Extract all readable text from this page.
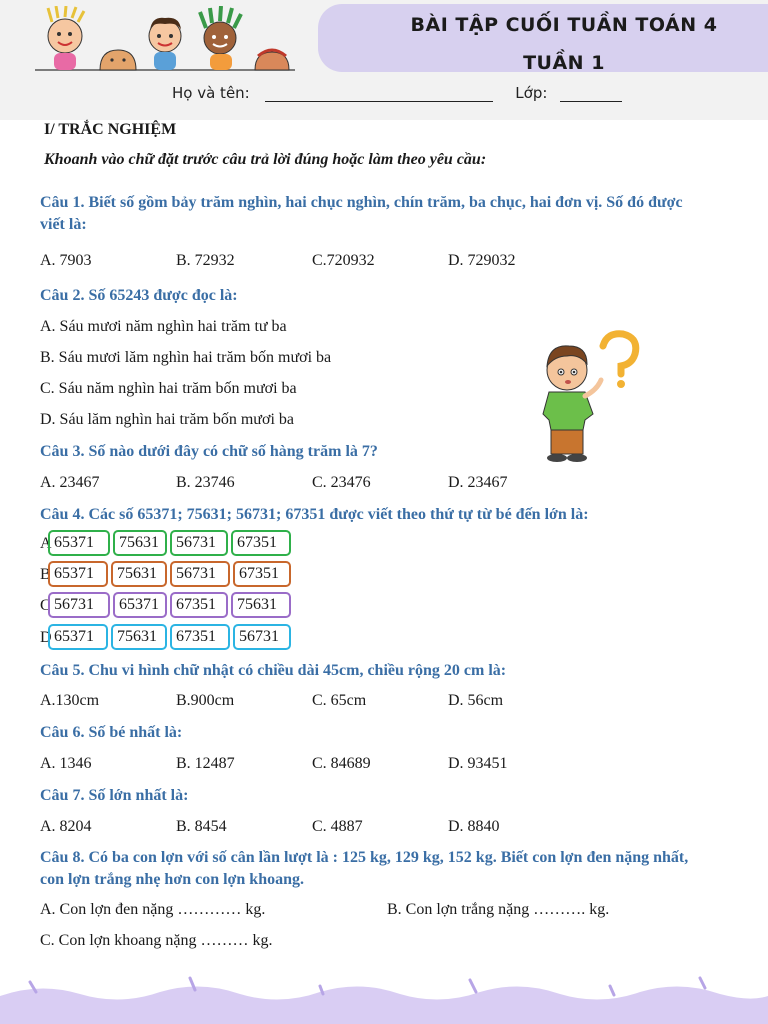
BÀI TẬP CUỐI TUẦN TOÁN 4
TUẦN 1
Họ và tên:	Lớp:
I/ TRẮC NGHIỆM
Khoanh vào chữ đặt trước câu trả lời đúng hoặc làm theo yêu cầu:
Câu 1. Biết số gồm bảy trăm nghìn, hai chục nghìn, chín trăm, ba chục, hai đơn vị. Số đó được
viết là:
A. 7903	B. 72932	C.720932	D. 729032
Câu 2. Số 65243 được đọc là:
A. Sáu mươi năm nghìn hai trăm tư ba
B. Sáu mươi lăm nghìn hai trăm bốn mươi ba
C. Sáu năm nghìn hai trăm bốn mươi ba
D. Sáu lăm nghìn hai trăm bốn mươi ba
Câu 3. Số nào dưới đây có chữ số hàng trăm là 7?
A. 23467	B. 23746	C. 23476	D. 23467
Câu 4. Các số 65371; 75631; 56731; 67351 được viết theo thứ tự từ bé đến lớn là:
A 65371	75631	56731	67351
B 65371	75631	56731	67351
C 56731	65371	67351	75631
D 65371	75631	67351	56731
Câu 5. Chu vi hình chữ nhật có chiều dài 45cm, chiều rộng 20 cm là:
A.130cm	B.900cm	C. 65cm	D. 56cm
Câu 6. Số bé nhất là:
A. 1346	B. 12487	C. 84689	D. 93451
Câu 7. Số lớn nhất là:
A. 8204	B. 8454	C. 4887	D. 8840
Câu 8. Có ba con lợn với số cân lần lượt là : 125 kg, 129 kg, 152 kg. Biết con lợn đen nặng nhất,
con lợn trắng nhẹ hơn con lợn khoang.
A. Con lợn đen nặng ………… kg.	B. Con lợn trắng nặng ………. kg.
C. Con lợn khoang nặng ……… kg.
